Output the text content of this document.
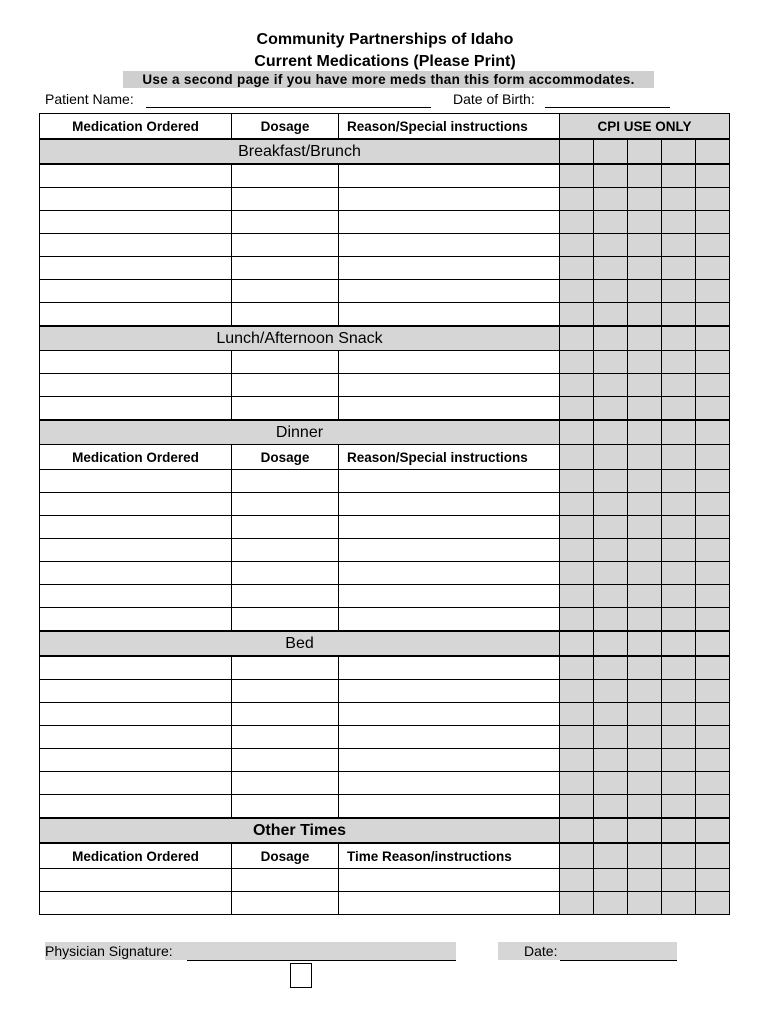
Community Partnerships of Idaho
Current Medications (Please Print)
Use a second page if you have more meds than this form accommodates.
Patient Name:	Date of Birth:
Medication Ordered	Dosage	Reason/Special instructions	CPI USE ONLY				
Breakfast/Brunch							

Lunch/Afternoon Snack							

Dinner							
Medication Ordered	Dosage	Reason/Special instructions					

Bed							

Other Times							
Medication Ordered	Dosage	Time Reason/instructions					

Physician Signature:	Date:
